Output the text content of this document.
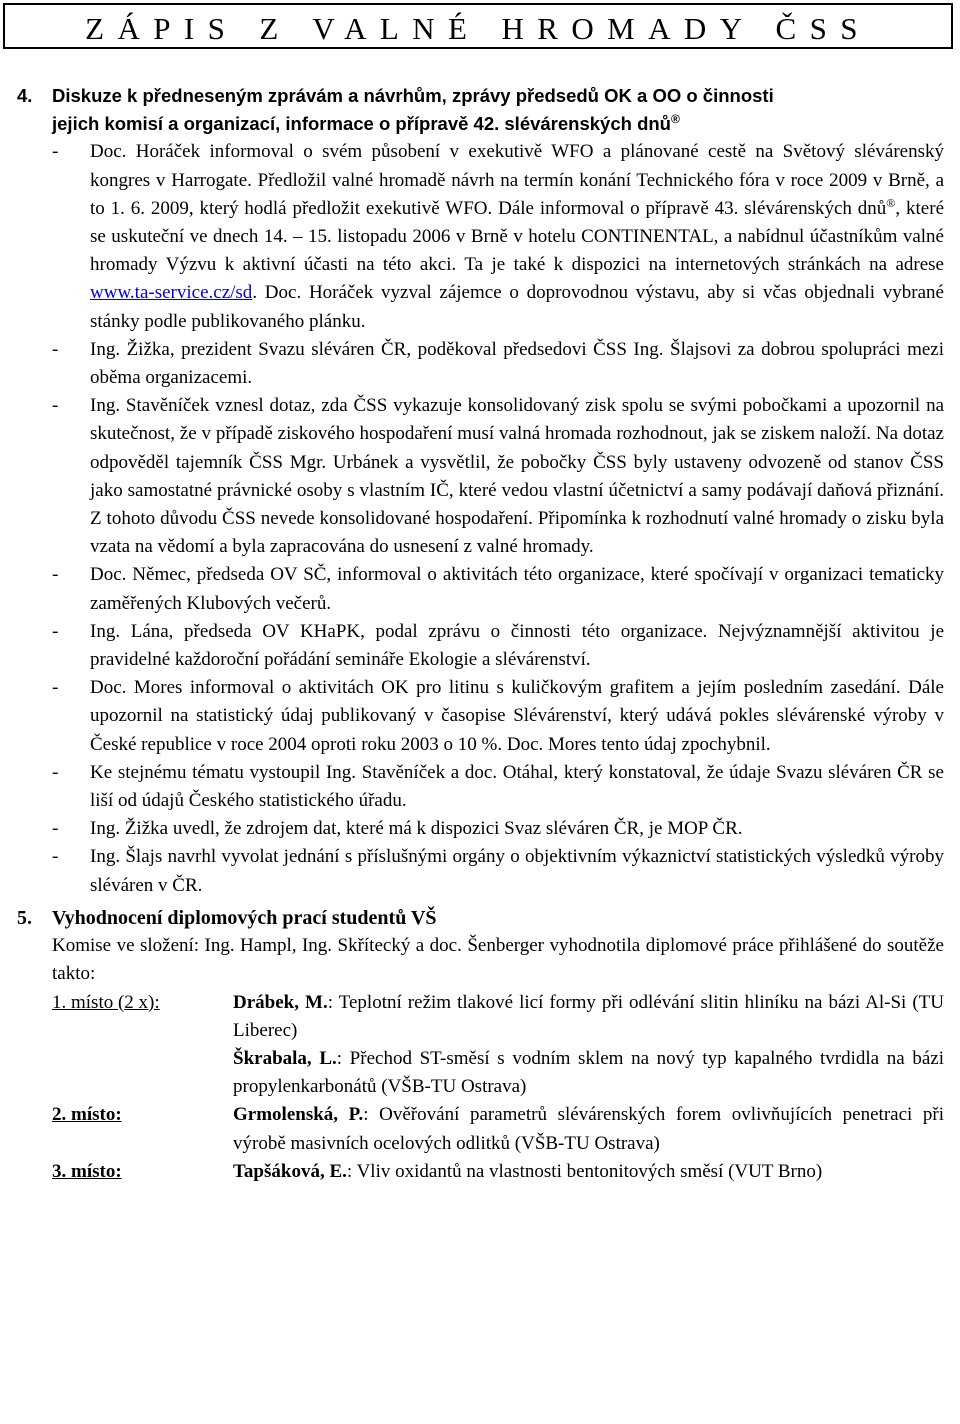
ZÁPIS Z VALNÉ HROMADY ČSS
4. Diskuze k předneseným zprávám a návrhům, zprávy předsedů OK a OO o činnosti
jejich komisí a organizací, informace o přípravě 42. slévárenských dnů®
- Doc. Horáček informoval o svém působení v exekutivě WFO a plánované cestě na Světový slévárenský kongres v Harrogate. Předložil valné hromadě návrh na termín konání Technického fóra v roce 2009 v Brně, a to 1. 6. 2009, který hodlá předložit exekutivě WFO. Dále informoval o přípravě 43. slévárenských dnů®, které se uskuteční ve dnech 14. – 15. listopadu 2006 v Brně v hotelu CONTINENTAL, a nabídnul účastníkům valné hromady Výzvu k aktivní účasti na této akci. Ta je také k dispozici na internetových stránkách na adrese www.ta-service.cz/sd. Doc. Horáček vyzval zájemce o doprovodnou výstavu, aby si včas objednali vybrané stánky podle publikovaného plánku.
- Ing. Žižka, prezident Svazu sléváren ČR, poděkoval předsedovi ČSS Ing. Šlajsovi za dobrou spolupráci mezi oběma organizacemi.
- Ing. Stavěníček vznesl dotaz, zda ČSS vykazuje konsolidovaný zisk spolu se svými pobočkami a upozornil na skutečnost, že v případě ziskového hospodaření musí valná hromada rozhodnout, jak se ziskem naloží. Na dotaz odpověděl tajemník ČSS Mgr. Urbánek a vysvětlil, že pobočky ČSS byly ustaveny odvozeně od stanov ČSS jako samostatné právnické osoby s vlastním IČ, které vedou vlastní účetnictví a samy podávají daňová přiznání. Z tohoto důvodu ČSS nevede konsolidované hospodaření. Připomínka k rozhodnutí valné hromady o zisku byla vzata na vědomí a byla zapracována do usnesení z valné hromady.
- Doc. Němec, předseda OV SČ, informoval o aktivitách této organizace, které spočívají v organizaci tematicky zaměřených Klubových večerů.
- Ing. Lána, předseda OV KHaPK, podal zprávu o činnosti této organizace. Nejvýznamnější aktivitou je pravidelné každoroční pořádání semináře Ekologie a slévárenství.
- Doc. Mores informoval o aktivitách OK pro litinu s kuličkovým grafitem a jejím posledním zasedání. Dále upozornil na statistický údaj publikovaný v časopise Slévárenství, který udává pokles slévárenské výroby v České republice v roce 2004 oproti roku 2003 o 10 %. Doc. Mores tento údaj zpochybnil.
- Ke stejnému tématu vystoupil Ing. Stavěníček a doc. Otáhal, který konstatoval, že údaje Svazu sléváren ČR se liší od údajů Českého statistického úřadu.
- Ing. Žižka uvedl, že zdrojem dat, které má k dispozici Svaz sléváren ČR, je MOP ČR.
- Ing. Šlajs navrhl vyvolat jednání s příslušnými orgány o objektivním výkaznictví statistických výsledků výroby sléváren v ČR.
5. Vyhodnocení diplomových prací studentů VŠ
Komise ve složení: Ing. Hampl, Ing. Skřítecký a doc. Šenberger vyhodnotila diplomové práce přihlášené do soutěže takto:
1. místo (2 x):	Drábek, M.: Teplotní režim tlakové licí formy při odlévání slitin hliníku na bázi Al-Si (TU Liberec)
Škrabala, L.: Přechod ST-směsí s vodním sklem na nový typ kapalného tvrdidla na bázi propylenkarbonátů (VŠB-TU Ostrava)
2. místo:	Grmolenská, P.: Ověřování parametrů slévárenských forem ovlivňujících penetraci při výrobě masivních ocelových odlitků (VŠB-TU Ostrava)
3. místo:	Tapšáková, E.: Vliv oxidantů na vlastnosti bentonitových směsí (VUT Brno)
